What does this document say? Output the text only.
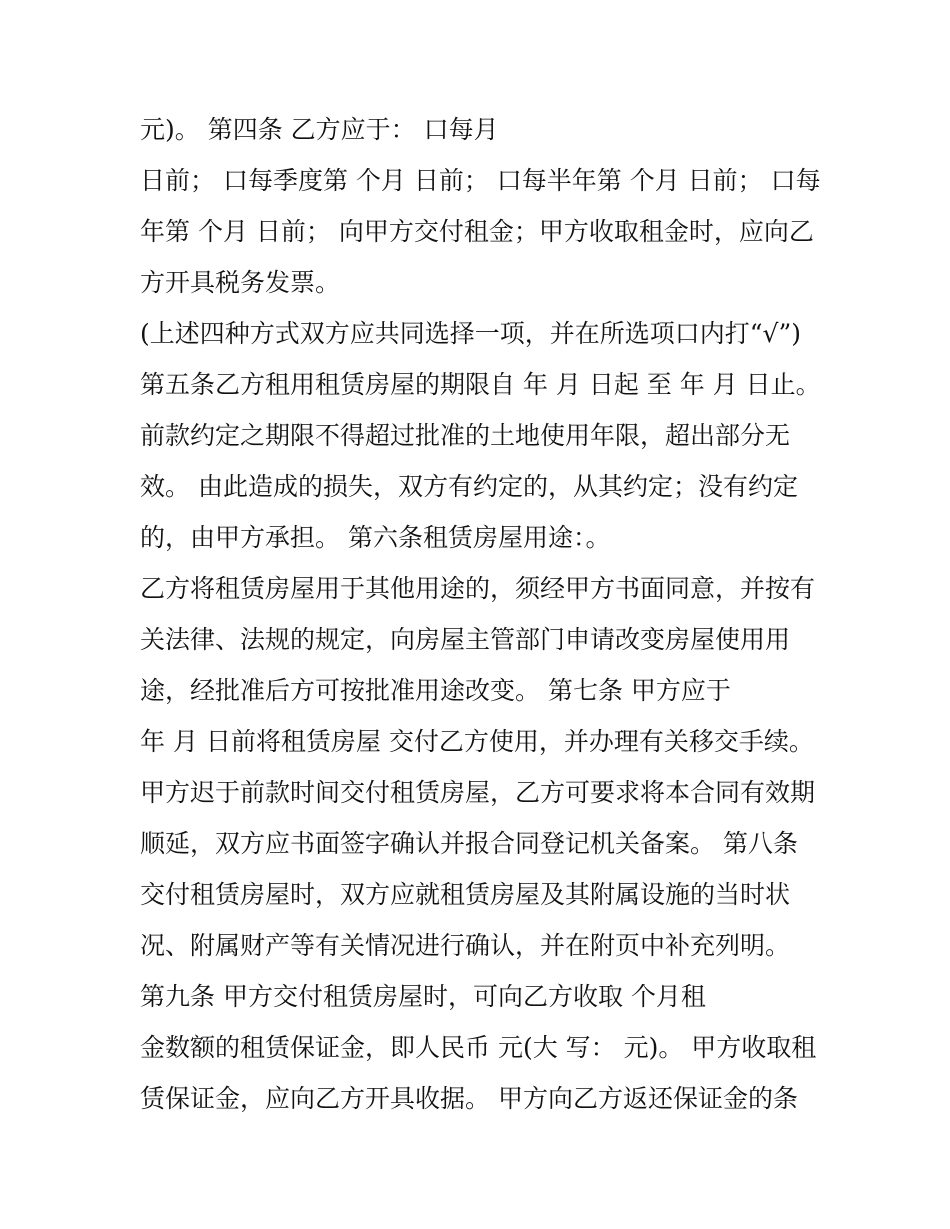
元)。 第四条 乙方应于： 口每月

日前； 口每季度第 个月 日前； 口每半年第 个月 日前； 口每

年第 个月 日前； 向甲方交付租金；甲方收取租金时，应向乙

方开具税务发票。

(上述四种方式双方应共同选择一项，并在所选项口内打“√”)

第五条乙方租用租赁房屋的期限自 年 月 日起 至 年 月 日止。

前款约定之期限不得超过批准的土地使用年限，超出部分无

效。 由此造成的损失，双方有约定的，从其约定；没有约定

的，由甲方承担。 第六条租赁房屋用途：。

乙方将租赁房屋用于其他用途的，须经甲方书面同意，并按有

关法律、法规的规定，向房屋主管部门申请改变房屋使用用

途，经批准后方可按批准用途改变。 第七条 甲方应于

年 月 日前将租赁房屋 交付乙方使用，并办理有关移交手续。

甲方迟于前款时间交付租赁房屋，乙方可要求将本合同有效期

顺延，双方应书面签字确认并报合同登记机关备案。 第八条

交付租赁房屋时，双方应就租赁房屋及其附属设施的当时状

况、附属财产等有关情况进行确认，并在附页中补充列明。

第九条 甲方交付租赁房屋时，可向乙方收取 个月租

金数额的租赁保证金，即人民币 元(大 写： 元)。 甲方收取租

赁保证金，应向乙方开具收据。 甲方向乙方返还保证金的条
